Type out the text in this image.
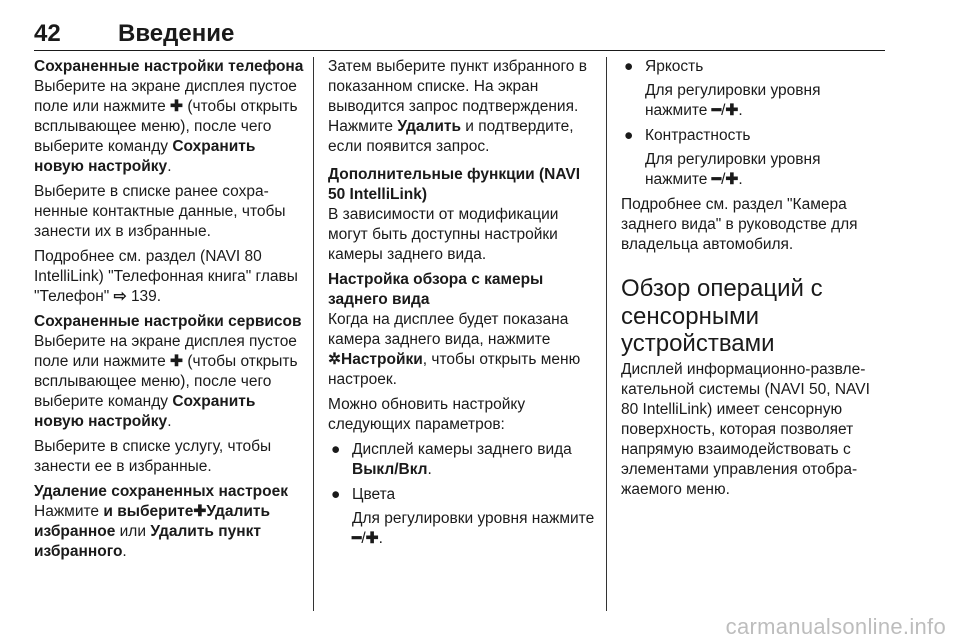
42 Введение

Сохраненные настройки телефона

Выберите на экране дисплея пустое поле или нажмите ✚ (чтобы открыть всплывающее меню), после чего выберите команду Сохранить новую настройку.

Выберите в списке ранее сохра-ненные контактные данные, чтобы занести их в избранные.

Подробнее см. раздел (NAVI 80 IntelliLink) "Телефонная книга" главы "Телефон" ⇨ 139.

Сохраненные настройки сервисов

Выберите на экране дисплея пустое поле или нажмите ✚ (чтобы открыть всплывающее меню), после чего выберите команду Сохранить новую настройку.

Выберите в списке услугу, чтобы занести ее в избранные.

Удаление сохраненных настроек

Нажмите и выберите✚Удалить избранное или Удалить пункт избранного.

Затем выберите пункт избранного в показанном списке. На экран выводится запрос подтверждения. Нажмите Удалить и подтвердите, если появится запрос.

Дополнительные функции (NAVI 50 IntelliLink)

В зависимости от модификации могут быть доступны настройки камеры заднего вида.

Настройка обзора с камеры заднего вида

Когда на дисплее будет показана камера заднего вида, нажмите ✲Настройки, чтобы открыть меню настроек.

Можно обновить настройку следующих параметров:

● Дисплей камеры заднего вида Выкл/Вкл.
● Цвета
Для регулировки уровня нажмите ━/✚.
● Яркость
Для регулировки уровня нажмите ━/✚.
● Контрастность
Для регулировки уровня нажмите ━/✚.

Подробнее см. раздел "Камера заднего вида" в руководстве для владельца автомобиля.

Обзор операций с сенсорными устройствами

Дисплей информационно-развле-кательной системы (NAVI 50, NAVI 80 IntelliLink) имеет сенсорную поверхность, которая позволяет напрямую взаимодействовать с элементами управления отобра-жаемого меню.

carmanualsonline.info
